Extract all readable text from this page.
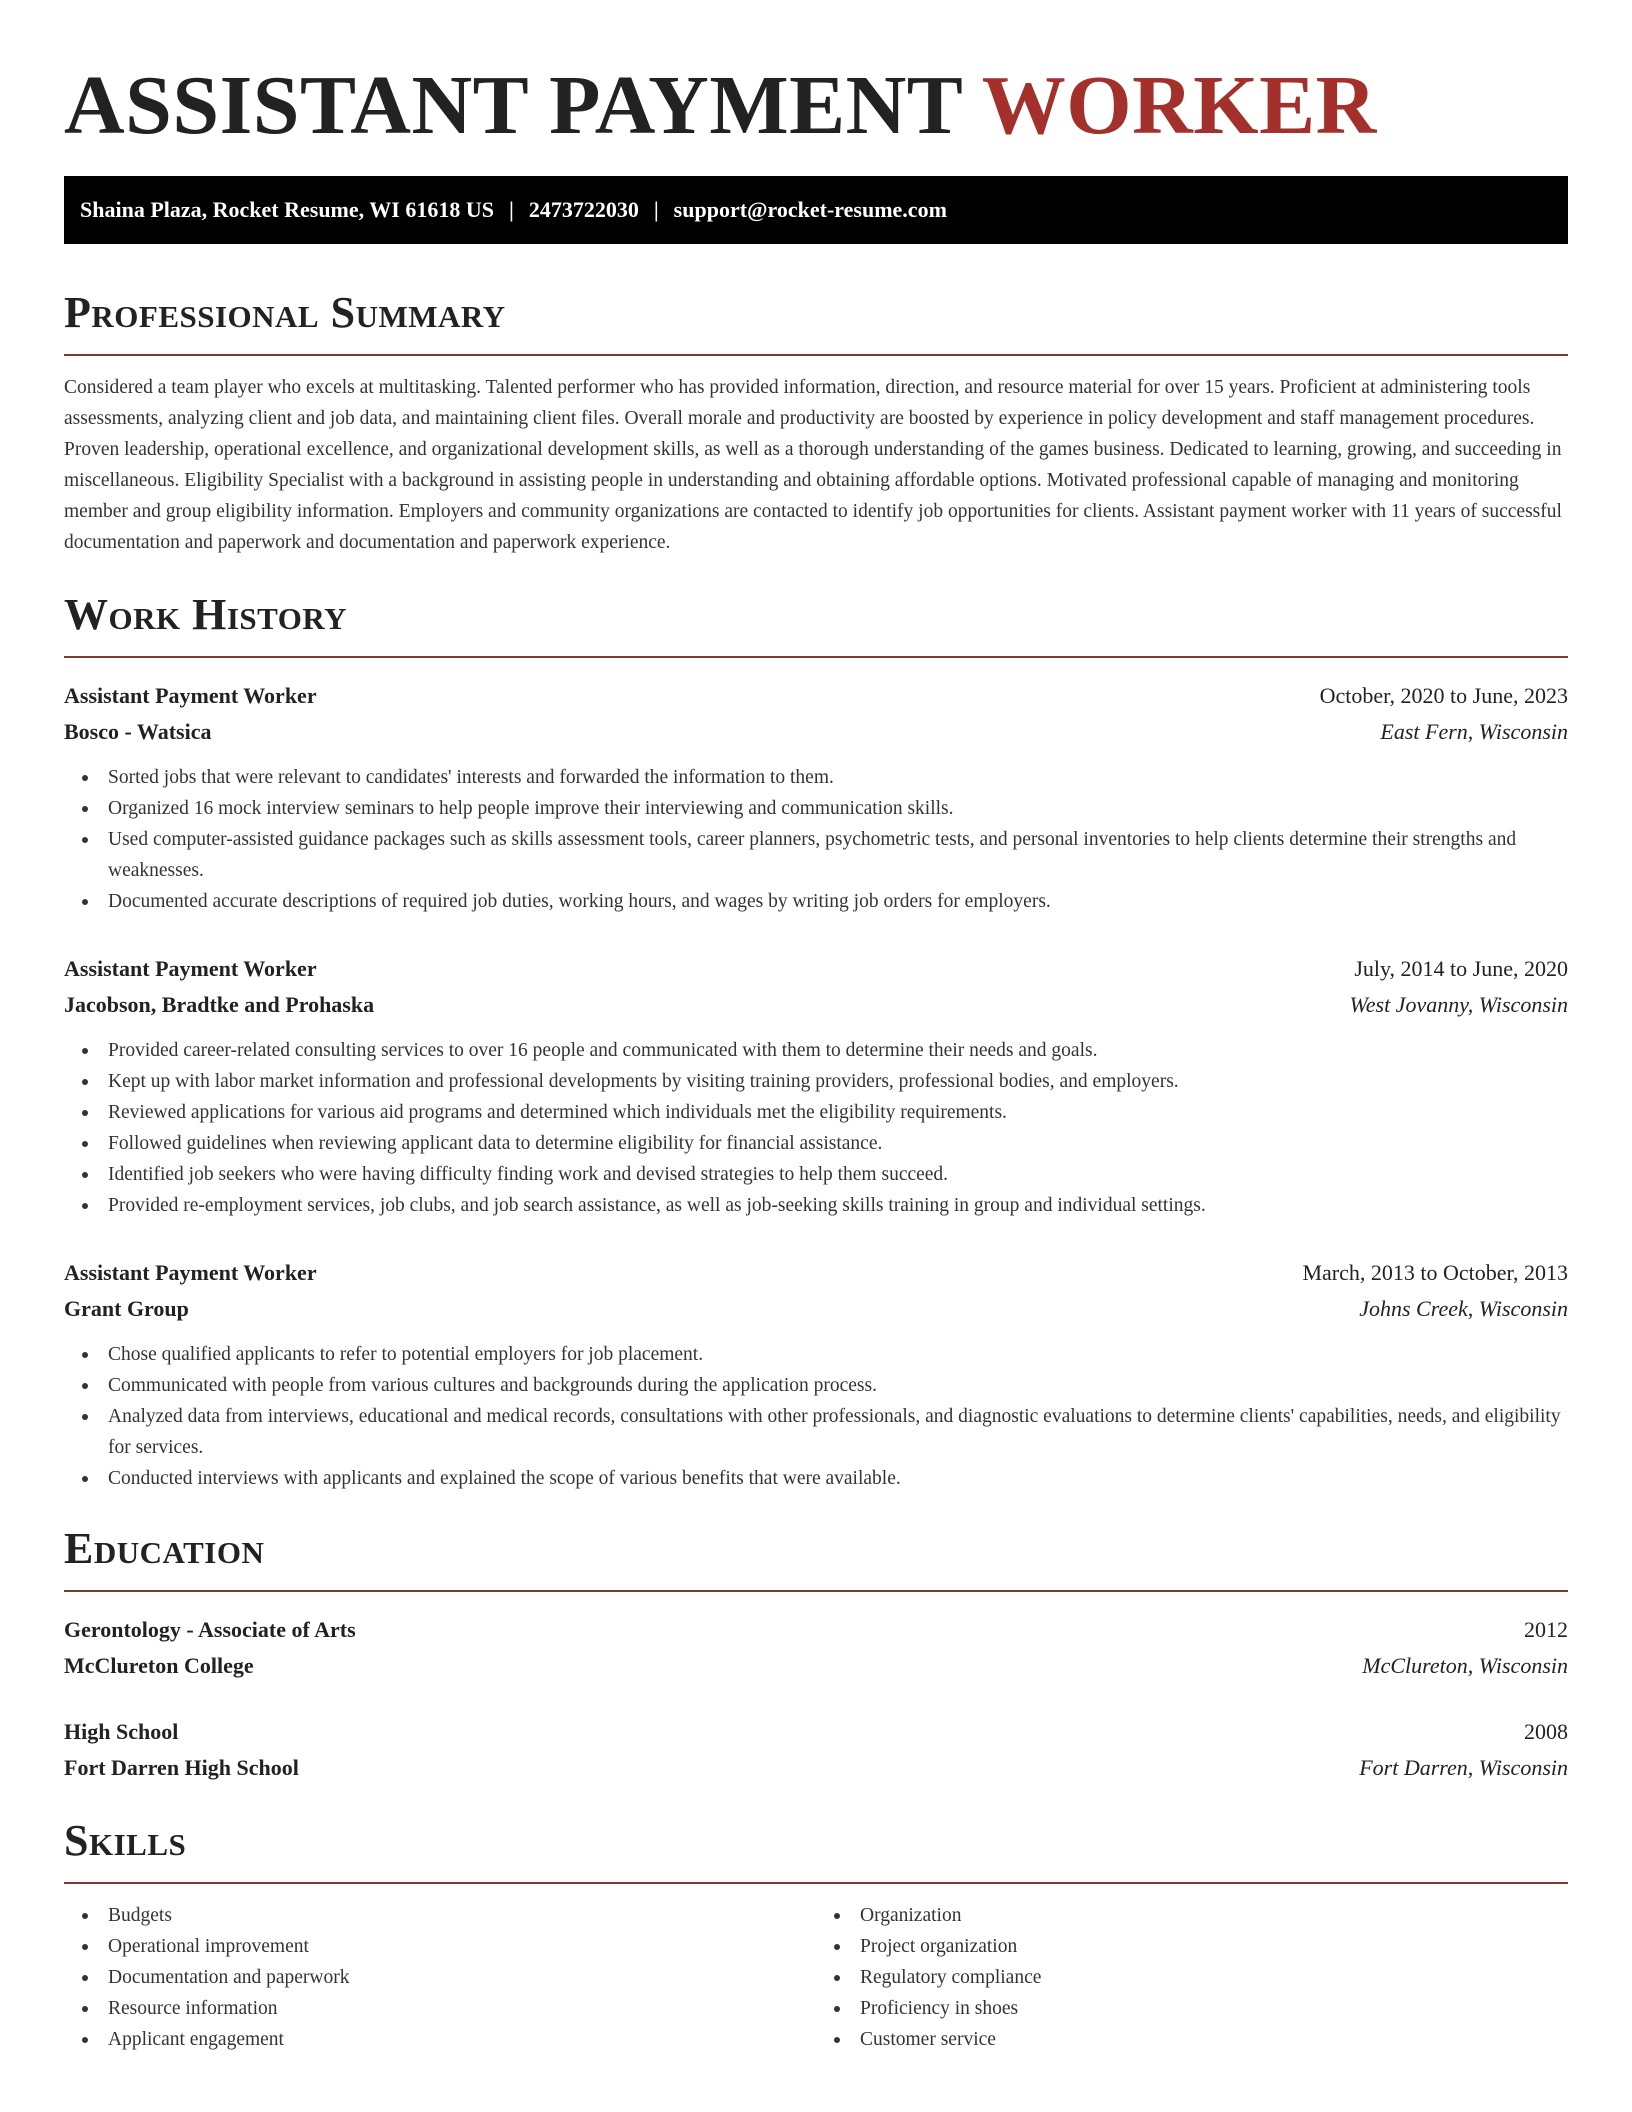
ASSISTANT PAYMENT WORKER
Shaina Plaza, Rocket Resume, WI 61618 US | 2473722030 | support@rocket-resume.com
Professional Summary

Considered a team player who excels at multitasking. Talented performer who has provided information, direction, and resource material for over 15 years. Proficient at administering tools assessments, analyzing client and job data, and maintaining client files. Overall morale and productivity are boosted by experience in policy development and staff management procedures. Proven leadership, operational excellence, and organizational development skills, as well as a thorough understanding of the games business. Dedicated to learning, growing, and succeeding in miscellaneous. Eligibility Specialist with a background in assisting people in understanding and obtaining affordable options. Motivated professional capable of managing and monitoring member and group eligibility information. Employers and community organizations are contacted to identify job opportunities for clients. Assistant payment worker with 11 years of successful documentation and paperwork and documentation and paperwork experience.

Work History
Assistant Payment Worker	October, 2020 to June, 2023
Bosco - Watsica	East Fern, Wisconsin
Sorted jobs that were relevant to candidates' interests and forwarded the information to them.
Organized 16 mock interview seminars to help people improve their interviewing and communication skills.
Used computer-assisted guidance packages such as skills assessment tools, career planners, psychometric tests, and personal inventories to help clients determine their strengths and weaknesses.
Documented accurate descriptions of required job duties, working hours, and wages by writing job orders for employers.
Assistant Payment Worker	July, 2014 to June, 2020
Jacobson, Bradtke and Prohaska	West Jovanny, Wisconsin
Provided career-related consulting services to over 16 people and communicated with them to determine their needs and goals.
Kept up with labor market information and professional developments by visiting training providers, professional bodies, and employers.
Reviewed applications for various aid programs and determined which individuals met the eligibility requirements.
Followed guidelines when reviewing applicant data to determine eligibility for financial assistance.
Identified job seekers who were having difficulty finding work and devised strategies to help them succeed.
Provided re-employment services, job clubs, and job search assistance, as well as job-seeking skills training in group and individual settings.
Assistant Payment Worker	March, 2013 to October, 2013
Grant Group	Johns Creek, Wisconsin
Chose qualified applicants to refer to potential employers for job placement.
Communicated with people from various cultures and backgrounds during the application process.
Analyzed data from interviews, educational and medical records, consultations with other professionals, and diagnostic evaluations to determine clients' capabilities, needs, and eligibility for services.
Conducted interviews with applicants and explained the scope of various benefits that were available.
Education
Gerontology - Associate of Arts	2012
McClureton College	McClureton, Wisconsin
High School	2008
Fort Darren High School	Fort Darren, Wisconsin
Skills
Budgets
Operational improvement
Documentation and paperwork
Resource information
Applicant engagement
Organization
Project organization
Regulatory compliance
Proficiency in shoes
Customer service
